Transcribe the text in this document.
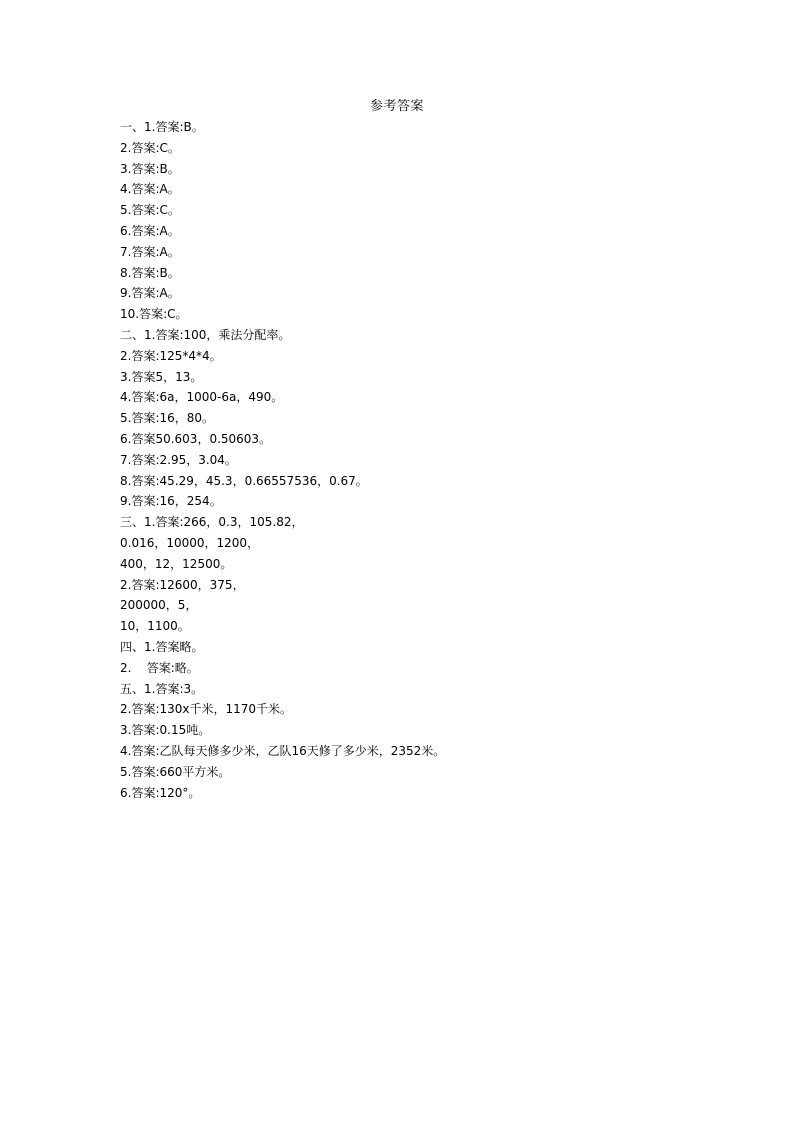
参考答案
一、1.答案:B。
2.答案:C。
3.答案:B。
4.答案:A。
5.答案:C。
6.答案:A。
7.答案:A。
8.答案:B。
9.答案:A。
10.答案:C。
二、1.答案:100，乘法分配率。
2.答案:125*4*4。
3.答案5，13。
4.答案:6a，1000-6a，490。
5.答案:16，80。
6.答案50.603，0.50603。
7.答案:2.95，3.04。
8.答案:45.29，45.3，0.66557536，0.67。
9.答案:16，254。
三、1.答案:266，0.3，105.82，
0.016，10000，1200，
400，12，12500。
2.答案:12600，375，
200000，5，
10，1100。
四、1.答案略。
2.    答案:略。
五、1.答案:3。
2.答案:130x千米，1170千米。
3.答案:0.15吨。
4.答案:乙队每天修多少米，乙队16天修了多少米，2352米。
5.答案:660平方米。
6.答案:120°。
